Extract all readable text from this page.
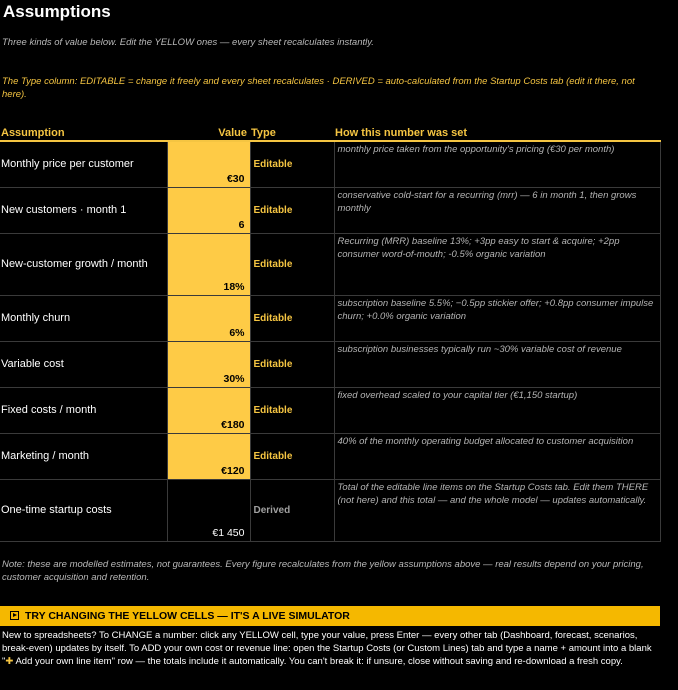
Assumptions
Three kinds of value below. Edit the YELLOW ones — every sheet recalculates instantly.
The Type column: EDITABLE = change it freely and every sheet recalculates · DERIVED = auto-calculated from the Startup Costs tab (edit it there, not here).
Assumption	Value	Type	How this number was set
Monthly price per customer	€30	Editable	monthly price taken from the opportunity's pricing (€30 per month)
New customers · month 1	6	Editable	conservative cold-start for a recurring (mrr) — 6 in month 1, then grows monthly
New-customer growth / month	18%	Editable	Recurring (MRR) baseline 13%; +3pp easy to start & acquire; +2pp consumer word-of-mouth; -0.5% organic variation
Monthly churn	6%	Editable	subscription baseline 5.5%; −0.5pp stickier offer; +0.8pp consumer impulse churn; +0.0% organic variation
Variable cost	30%	Editable	subscription businesses typically run ~30% variable cost of revenue
Fixed costs / month	€180	Editable	fixed overhead scaled to your capital tier (€1,150 startup)
Marketing / month	€120	Editable	40% of the monthly operating budget allocated to customer acquisition
One-time startup costs	€1 450	Derived	Total of the editable line items on the Startup Costs tab. Edit them THERE (not here) and this total — and the whole model — updates automatically.
Note: these are modelled estimates, not guarantees. Every figure recalculates from the yellow assumptions above — real results depend on your pricing, customer acquisition and retention.
TRY CHANGING THE YELLOW CELLS — IT'S A LIVE SIMULATOR
New to spreadsheets? To CHANGE a number: click any YELLOW cell, type your value, press Enter — every other tab (Dashboard, forecast, scenarios, break-even) updates by itself. To ADD your own cost or revenue line: open the Startup Costs (or Custom Lines) tab and type a name + amount into a blank "✚ Add your own line item" row — the totals include it automatically. You can't break it: if unsure, close without saving and re-download a fresh copy.
